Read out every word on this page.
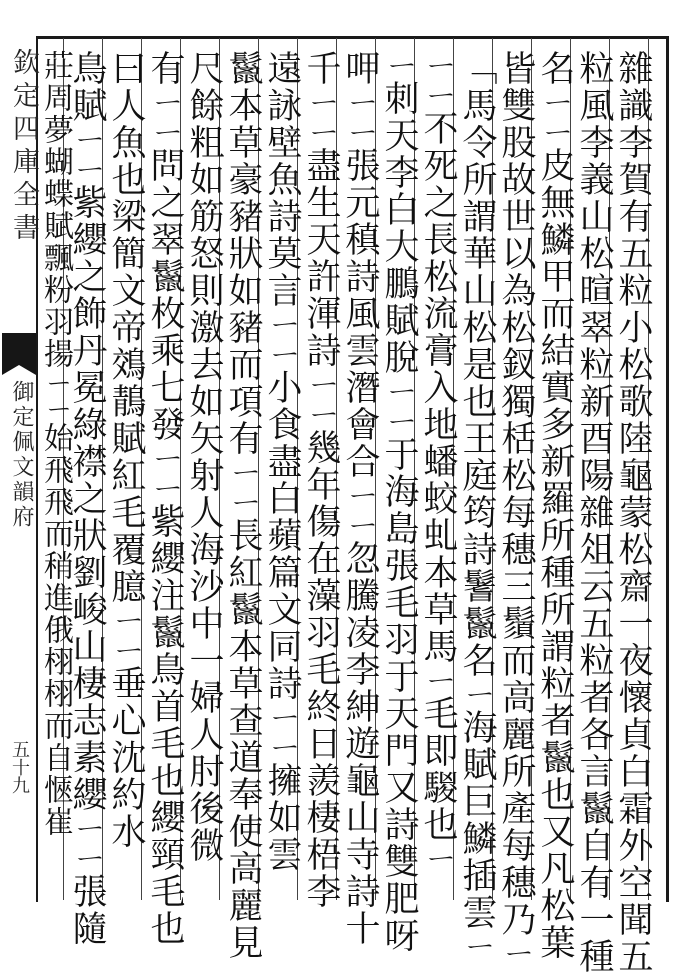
欽定四庫全書
御定佩文韻府
五十九	雜識李賀有五粒小松歌陸龜蒙松齋一夜懷貞白霜外空聞五
粒風李義山松暄翠粒新酉陽雜俎云五粒者各言鬣自有一種
名ㄧㄧ皮無鱗甲而結實多新羅所種所謂粒者鬣也又凡松葉
皆雙股故世以為松釵獨栝松每穗三鬚而高麗所產每穗乃ㄧ
「馬令所謂華山松是也王庭筠詩鬐鬣名ㄧ海賦巨鱗插雲ㄧ
ㄧㄧ不死之長松流膏入地蟠蛟虬本草馬ㄧ毛即騣也ㄧ
ㄧ刺天李白大鵬賦脫ㄧㄧ于海島張毛羽于天門又詩雙肥呀
呷ㄧㄧ張元稹詩風雲潛會合ㄧㄧ忽騰凌李紳遊龜山寺詩十
千ㄧㄧ盡生天許渾詩ㄧㄧ幾年傷在藻羽毛終日羨棲梧李
遠詠壁魚詩莫言ㄧㄧ小食盡白蘋篇文同詩ㄧㄧ擁如雲
鬣本草豪豬狀如豬而項有ㄧㄧ長紅鬣本草查道奉使高麗見
尺餘粗如筋怒則激去如矢射人海沙中一婦人肘後微
有ㄧㄧ問之翠鬣枚乘七發ㄧㄧ紫纓注鬣鳥首毛也纓頸毛也
曰人魚也梁簡文帝鵁鶄賦紅毛覆臆ㄧㄧ垂心沈約水
鳥賦ㄧㄧ紫纓之飾丹冕綠襟之狀劉峻山棲志素纓ㄧㄧ張隨
莊周夢蝴蝶賦飄粉羽揚ㄧㄧ始飛飛而稍進俄栩栩而自愜崔
